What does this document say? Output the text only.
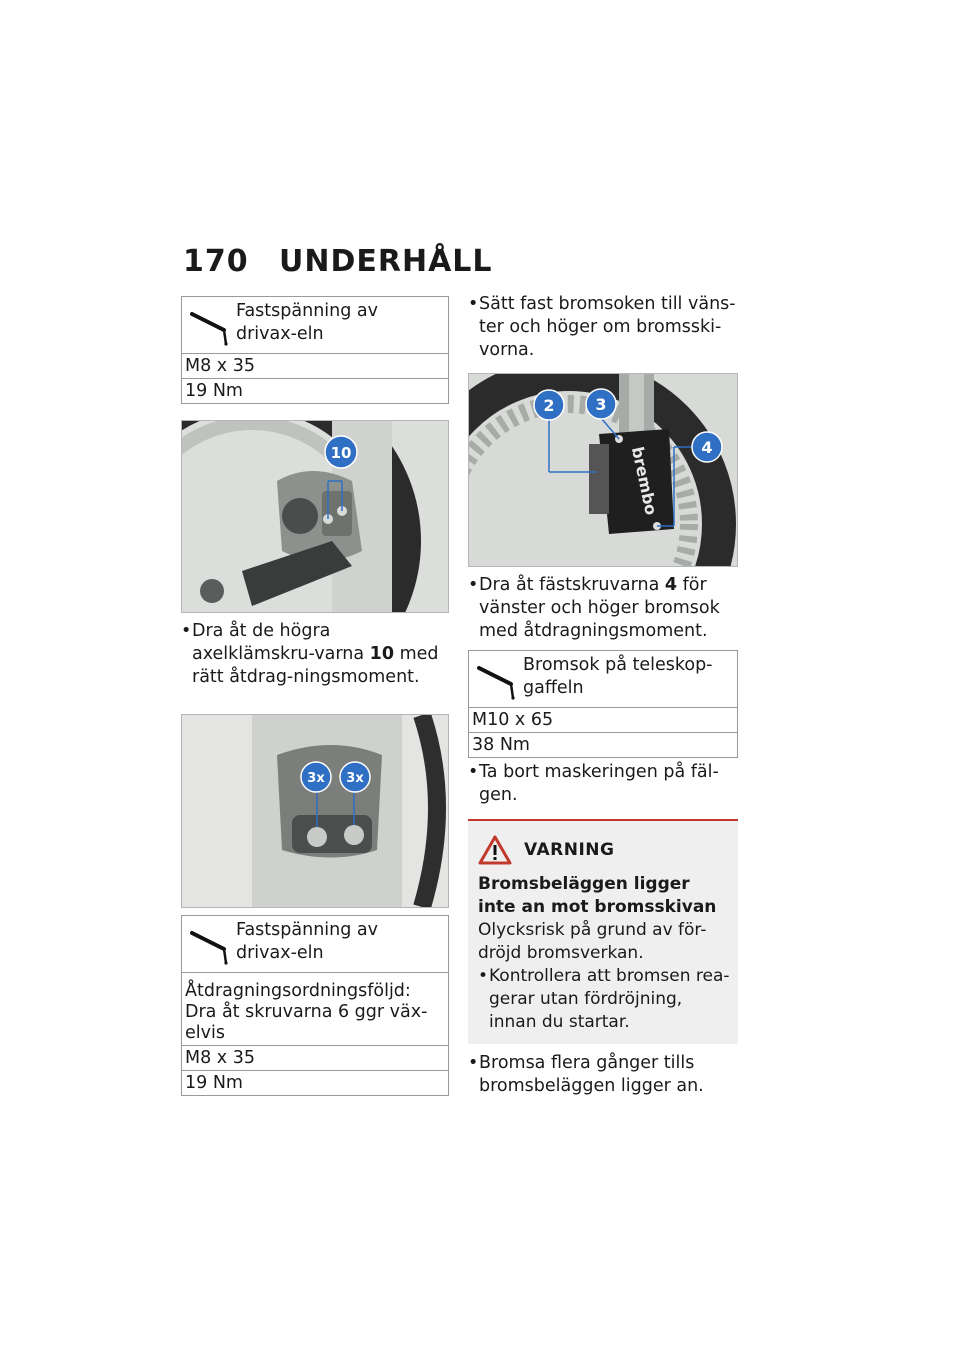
170 UNDERHÅLL
Fastspänning av drivax-eln
M8 x 35
19 Nm
10
•Dra åt de högra axelklämskru-varna 10 med rätt åtdrag-ningsmoment.
3x 3x
Fastspänning av drivax-eln
Åtdragningsordningsföljd: Dra åt skruvarna 6 ggr väx-elvis
M8 x 35
19 Nm
•Sätt fast bromsoken till väns-ter och höger om bromsski-vorna.
brembo
2	3
4
•Dra åt fästskruvarna 4 för vänster och höger bromsok med åtdragningsmoment.
Bromsok på teleskop-gaffeln
M10 x 65
38 Nm
•Ta bort maskeringen på fäl-gen.
VARNING
Bromsbeläggen ligger inte an mot bromsskivan
Olycksrisk på grund av för-dröjd bromsverkan.
•Kontrollera att bromsen rea-gerar utan fördröjning, innan du startar.
•Bromsa flera gånger tills bromsbeläggen ligger an.
